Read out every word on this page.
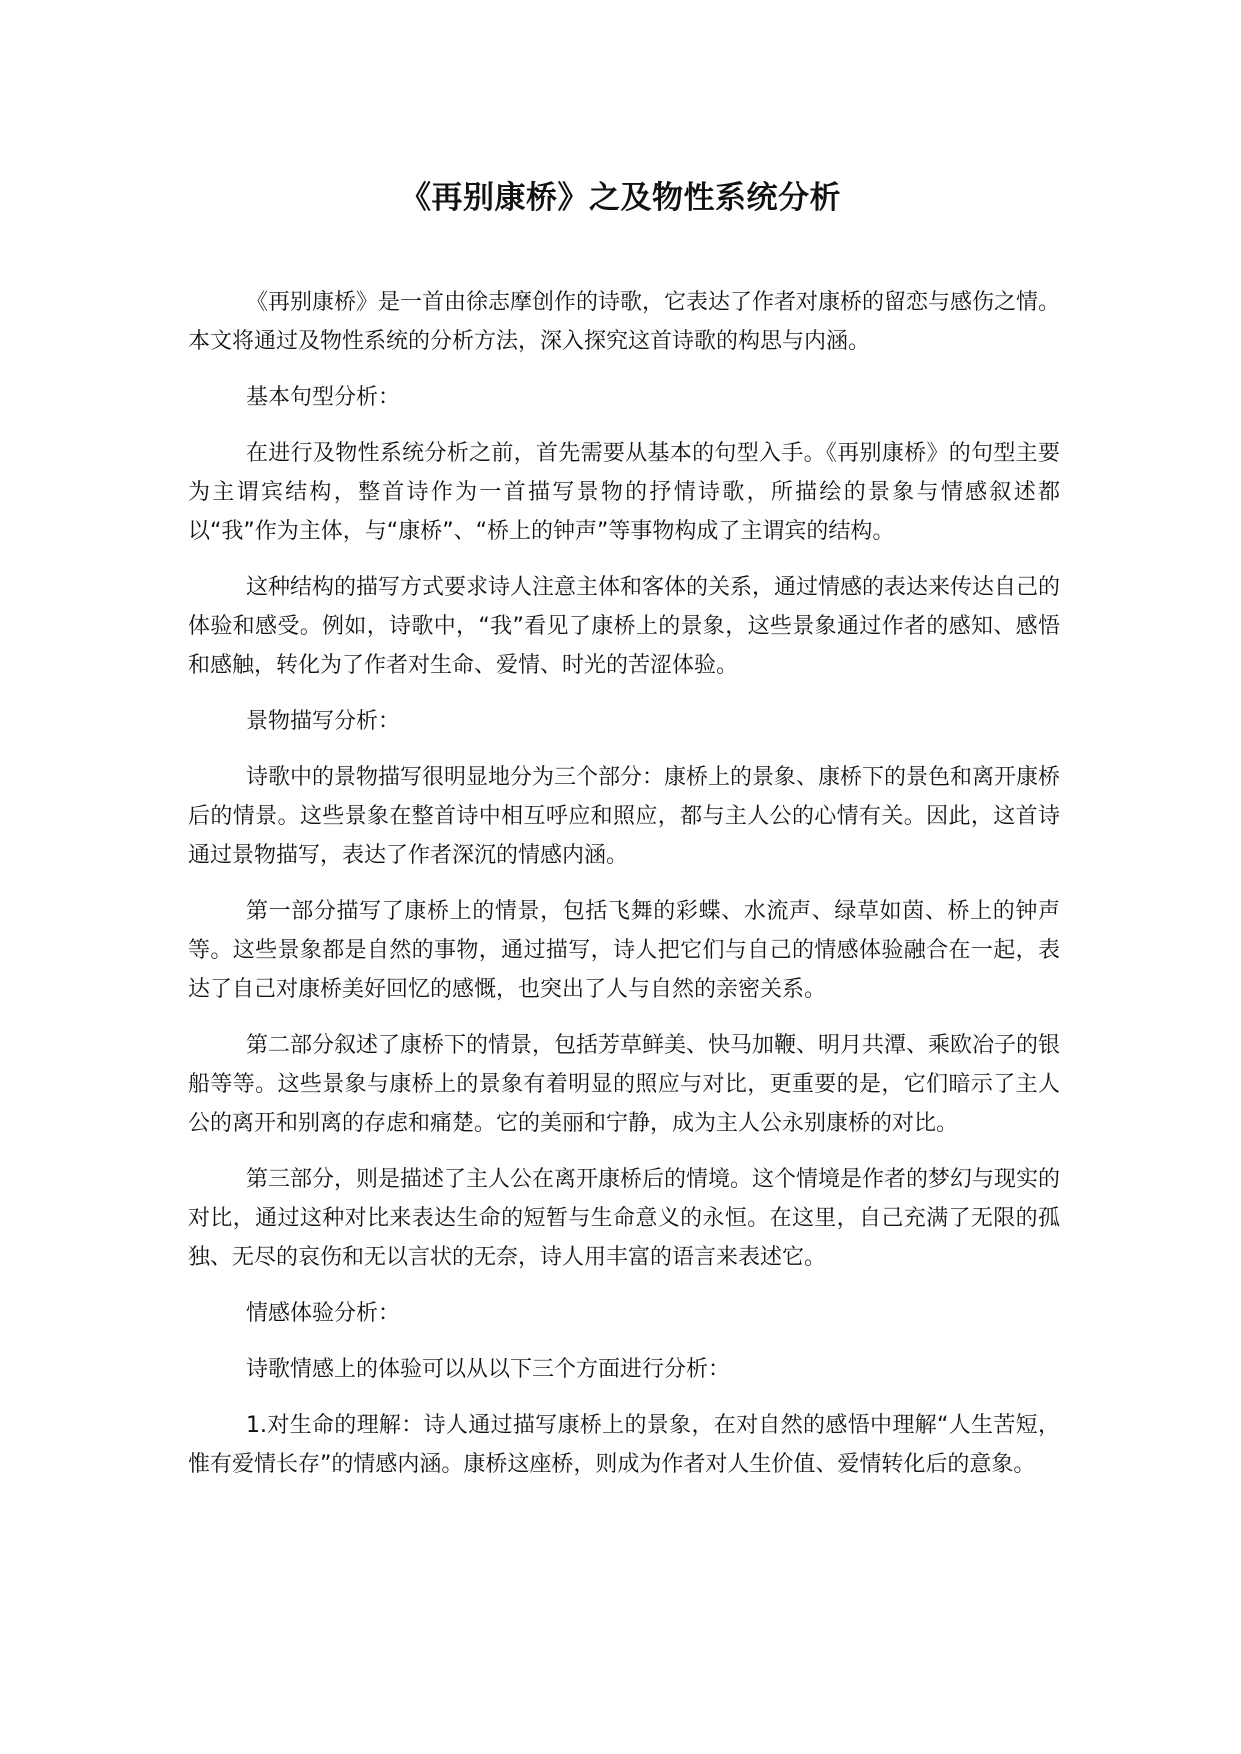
《再别康桥》之及物性系统分析

《再别康桥》是一首由徐志摩创作的诗歌，它表达了作者对康桥的留恋与感伤之情。本文将通过及物性系统的分析方法，深入探究这首诗歌的构思与内涵。

基本句型分析：

在进行及物性系统分析之前，首先需要从基本的句型入手。《再别康桥》的句型主要为主谓宾结构，整首诗作为一首描写景物的抒情诗歌，所描绘的景象与情感叙述都以“我”作为主体，与“康桥”、“桥上的钟声”等事物构成了主谓宾的结构。

这种结构的描写方式要求诗人注意主体和客体的关系，通过情感的表达来传达自己的体验和感受。例如，诗歌中，“我”看见了康桥上的景象，这些景象通过作者的感知、感悟和感触，转化为了作者对生命、爱情、时光的苦涩体验。

景物描写分析：

诗歌中的景物描写很明显地分为三个部分：康桥上的景象、康桥下的景色和离开康桥后的情景。这些景象在整首诗中相互呼应和照应，都与主人公的心情有关。因此，这首诗通过景物描写，表达了作者深沉的情感内涵。

第一部分描写了康桥上的情景，包括飞舞的彩蝶、水流声、绿草如茵、桥上的钟声等。这些景象都是自然的事物，通过描写，诗人把它们与自己的情感体验融合在一起，表达了自己对康桥美好回忆的感慨，也突出了人与自然的亲密关系。

第二部分叙述了康桥下的情景，包括芳草鲜美、快马加鞭、明月共潭、乘欧冶子的银船等等。这些景象与康桥上的景象有着明显的照应与对比，更重要的是，它们暗示了主人公的离开和别离的存虑和痛楚。它的美丽和宁静，成为主人公永别康桥的对比。

第三部分，则是描述了主人公在离开康桥后的情境。这个情境是作者的梦幻与现实的对比，通过这种对比来表达生命的短暂与生命意义的永恒。在这里，自己充满了无限的孤独、无尽的哀伤和无以言状的无奈，诗人用丰富的语言来表述它。

情感体验分析：

诗歌情感上的体验可以从以下三个方面进行分析：

1.对生命的理解：诗人通过描写康桥上的景象，在对自然的感悟中理解“人生苦短，惟有爱情长存”的情感内涵。康桥这座桥，则成为作者对人生价值、爱情转化后的意象。
